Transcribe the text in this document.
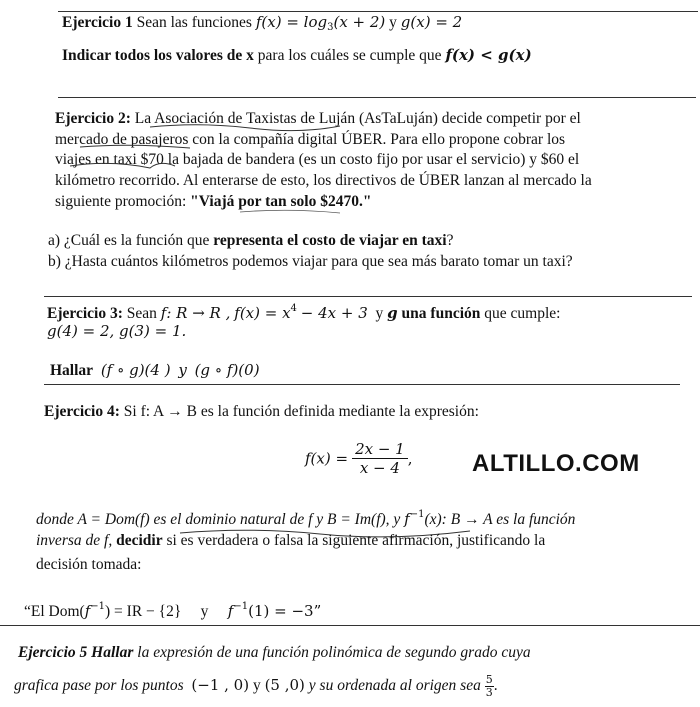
Ejercicio 1 Sean las funciones $f(x) = \log_3(x + 2)$ y g(x) = 2
Indicar todos los valores de x para los cuáles se cumple que f(x) < g(x)
Ejercicio 2: La Asociación de Taxistas de Luján (AsTaLuján) decide competir por el
mercado de pasajeros con la compañía digital ÚBER. Para ello propone cobrar los
viajes en taxi $70 la bajada de bandera (es un costo fijo por usar el servicio) y $60 el
kilómetro recorrido. Al enterarse de esto, los directivos de ÚBER lanzan al mercado la
siguiente promoción: "Viajá por tan solo $2470."
a) ¿Cuál es la función que representa el costo de viajar en taxi?
b) ¿Hasta cuántos kilómetros podemos viajar para que sea más barato tomar un taxi?
Ejercicio 3: Sean f: R → R , $f(x) = x^4 - 4x + 3$ y g una función que cumple:
g(4) = 2, g(3) = 1.
Hallar (f ∘ g)(4 ) y (g ∘ f)(0)
Ejercicio 4: Si f: A → B es la función definida mediante la expresión:
$f(x) = \frac{2x - 1}{x - 4}$ , ALTILLO.COM
donde A = Dom(f) es el dominio natural de f y B = Im(f), y $f^{-1}(x)$: B → A es la función
inversa de f, decidir si es verdadera o falsa la siguiente afirmación, justificando la
decisión tomada:
“El $Dom(f^{-1})$ = IR − {2} y $f^{-1}(1) = -3$”
Ejercicio 5 Hallar la expresión de una función polinómica de segundo grado cuya
grafica pase por los puntos (−1 , 0) y (5 ,0) y su ordenada al origen sea $\frac{5}{3}$ .
